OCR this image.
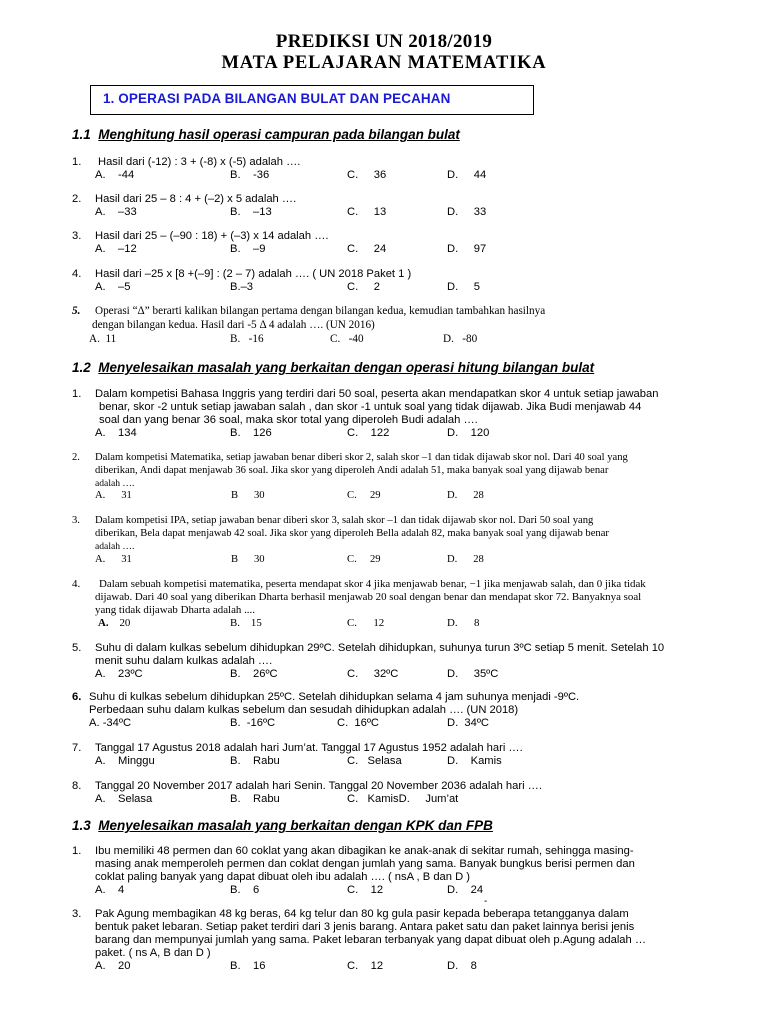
PREDIKSI UN 2018/2019
MATA PELAJARAN MATEMATIKA
1. OPERASI PADA BILANGAN BULAT DAN PECAHAN
1.1 Menghitung hasil operasi campuran pada bilangan bulat
1. Hasil dari (-12) : 3 + (-8) x (-5) adalah ….
A. -44	B. -36	C. 36	D. 44
2. Hasil dari 25 – 8 : 4 + (–2) x 5 adalah ….
A. –33	B. –13	C. 13	D. 33
3. Hasil dari 25 – (–90 : 18) + (–3) x 14 adalah ….
A. –12	B. –9	C. 24	D. 97
4. Hasil dari –25 x [8 +(–9] : (2 – 7) adalah …. ( UN 2018 Paket 1 )
A. –5	B.–3	C. 2	D. 5
5. Operasi “Δ” berarti kalikan bilangan pertama dengan bilangan kedua, kemudian tambahkan hasilnya
dengan bilangan kedua. Hasil dari -5 Δ 4 adalah …. (UN 2016)
A. 11	B. -16	C. -40	D. -80
1.2 Menyelesaikan masalah yang berkaitan dengan operasi hitung bilangan bulat
1. Dalam kompetisi Bahasa Inggris yang terdiri dari 50 soal, peserta akan mendapatkan skor 4 untuk setiap jawaban
benar, skor -2 untuk setiap jawaban salah , dan skor -1 untuk soal yang tidak dijawab. Jika Budi menjawab 44
soal dan yang benar 36 soal, maka skor total yang diperoleh Budi adalah ….
A. 134	B. 126	C. 122	D. 120
2. Dalam kompetisi Matematika, setiap jawaban benar diberi skor 2, salah skor –1 dan tidak dijawab skor nol. Dari 40 soal yang
diberikan, Andi dapat menjawab 36 soal. Jika skor yang diperoleh Andi adalah 51, maka banyak soal yang dijawab benar
adalah ….
A. 31	B 30	C. 29	D. 28
3. Dalam kompetisi IPA, setiap jawaban benar diberi skor 3, salah skor –1 dan tidak dijawab skor nol. Dari 50 soal yang
diberikan, Bela dapat menjawab 42 soal. Jika skor yang diperoleh Bella adalah 82, maka banyak soal yang dijawab benar
adalah ….
A. 31	B 30	C. 29	D. 28
4. Dalam sebuah kompetisi matematika, peserta mendapat skor 4 jika menjawab benar, −1 jika menjawab salah, dan 0 jika tidak
dijawab. Dari 40 soal yang diberikan Dharta berhasil menjawab 20 soal dengan benar dan mendapat skor 72. Banyaknya soal
yang tidak dijawab Dharta adalah ....
A. 20	B. 15	C. 12	D. 8
5. Suhu di dalam kulkas sebelum dihidupkan 29ºC. Setelah dihidupkan, suhunya turun 3ºC setiap 5 menit. Setelah 10
menit suhu dalam kulkas adalah ….
A. 23ºC	B. 26ºC	C. 32ºC	D. 35ºC
6. Suhu di kulkas sebelum dihidupkan 25ºC. Setelah dihidupkan selama 4 jam suhunya menjadi -9ºC.
Perbedaan suhu dalam kulkas sebelum dan sesudah dihidupkan adalah …. (UN 2018)
A. -34ºC	B. -16ºC	C. 16ºC	D. 34ºC
7. Tanggal 17 Agustus 2018 adalah hari Jum’at. Tanggal 17 Agustus 1952 adalah hari ….
A. Minggu	B. Rabu	C. Selasa	D. Kamis
8. Tanggal 20 November 2017 adalah hari Senin. Tanggal 20 November 2036 adalah hari ….
A. Selasa	B. Rabu	C. KamisD.     Jum’at
1.3 Menyelesaikan masalah yang berkaitan dengan KPK dan FPB
1. Ibu memiliki 48 permen dan 60 coklat yang akan dibagikan ke anak-anak di sekitar rumah, sehingga masing-
masing anak memperoleh permen dan coklat dengan jumlah yang sama. Banyak bungkus berisi permen dan
coklat paling banyak yang dapat dibuat oleh ibu adalah …. ( nsA , B dan D )
A. 4	B. 6	C. 12	D. 24
-
3. Pak Agung membagikan 48 kg beras, 64 kg telur dan 80 kg gula pasir kepada beberapa tetangganya dalam
bentuk paket lebaran. Setiap paket terdiri dari 3 jenis barang. Antara paket satu dan paket lainnya berisi jenis
barang dan mempunyai jumlah yang sama. Paket lebaran terbanyak yang dapat dibuat oleh p.Agung adalah …
paket. ( ns A, B dan D )
A. 20	B. 16	C. 12	D. 8
